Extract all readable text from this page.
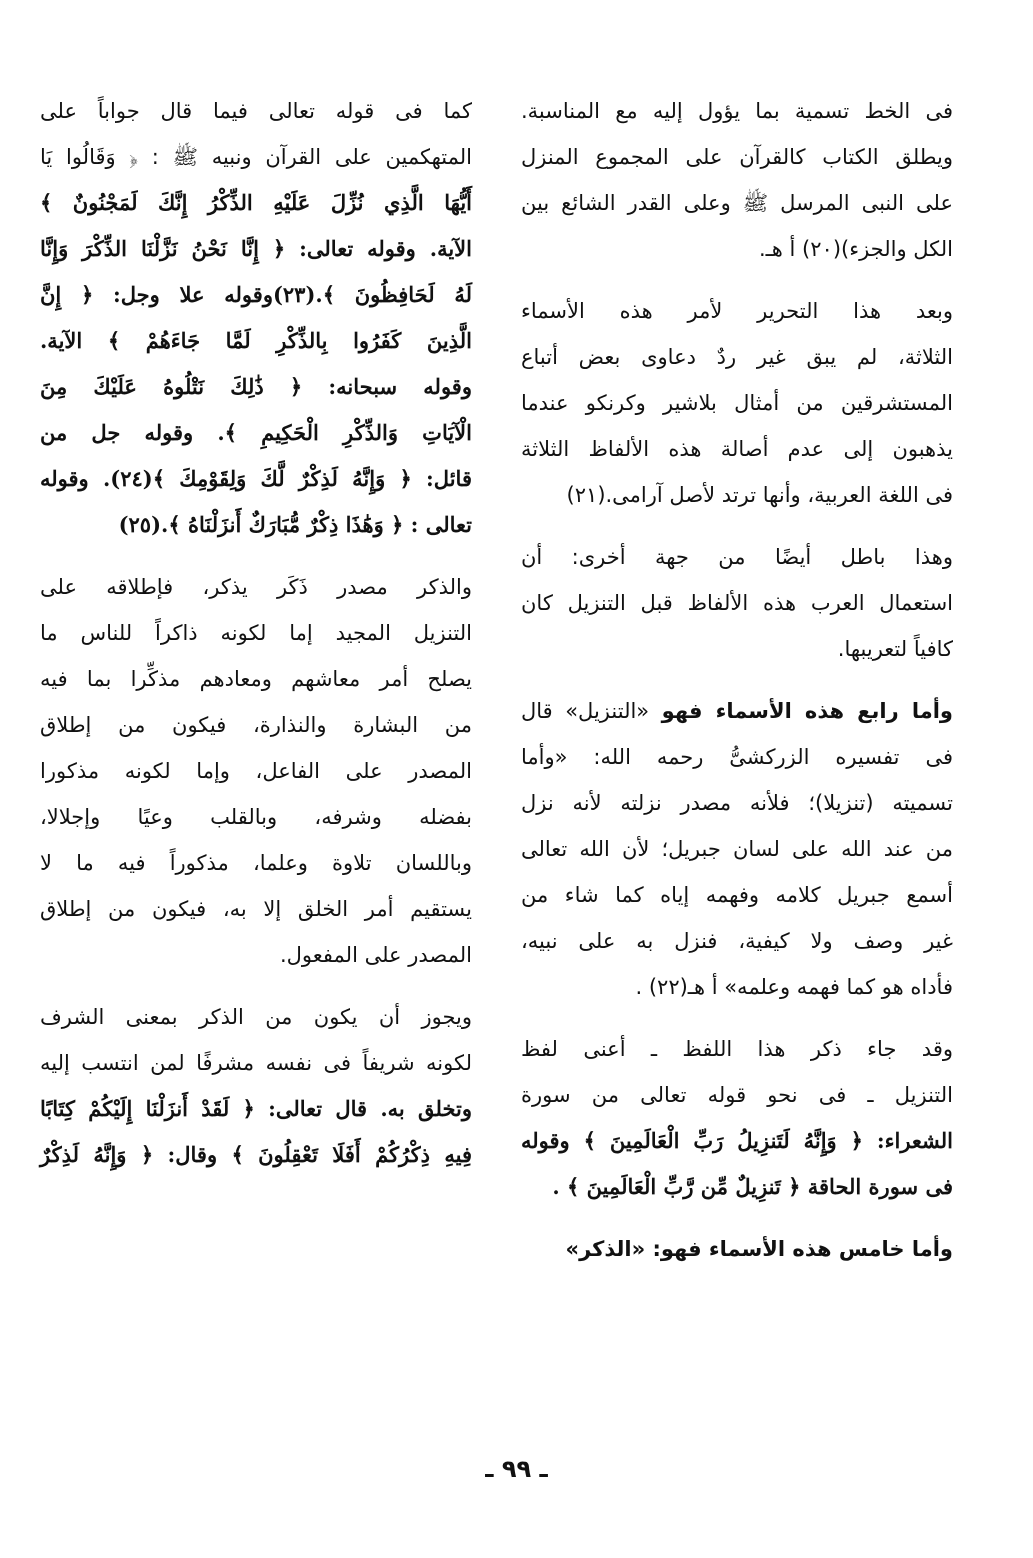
فى الخط تسمية بما يؤول إليه مع المناسبة.
ويطلق الكتاب كالقرآن على المجموع المنزل
على النبى المرسل ﷺ وعلى القدر الشائع بين
الكل والجزء)(٢٠) أ هـ.

وبعد هذا التحرير لأمر هذه الأسماء
الثلاثة، لم يبق غير ردٌ دعاوى بعض أتباع
المستشرقين من أمثال بلاشير وكرنكو عندما
يذهبون إلى عدم أصالة هذه الألفاظ الثلاثة
فى اللغة العربية، وأنها ترتد لأصل آرامى.(٢١)

وهذا باطل أيضًا من جهة أخرى: أن
استعمال العرب هذه الألفاظ قبل التنزيل كان
كافياً لتعريبها.

وأما رابع هذه الأسماء فهو «التنزيل» قال
فى تفسيره الزركشىُّ رحمه الله: «وأما
تسميته (تنزيلا)؛ فلأنه مصدر نزلته لأنه نزل
من عند الله على لسان جبريل؛ لأن الله تعالى
أسمع جبريل كلامه وفهمه إياه كما شاء من
غير وصف ولا كيفية، فنزل به على نبيه،
فأداه هو كما فهمه وعلمه» أ هـ(٢٢) .

وقد جاء ذكر هذا اللفظ ـ أعنى لفظ
التنزيل ـ فى نحو قوله تعالى من سورة
الشعراء: ﴿ وَإِنَّهُ لَتَنزِيلُ رَبِّ الْعَالَمِينَ ﴾ وقوله
فى سورة الحاقة ﴿ تَنزِيلٌ مِّن رَّبِّ الْعَالَمِينَ ﴾ .

وأما خامس هذه الأسماء فهو: «الذكر»

كما فى قوله تعالى فيما قال جواباً على
المتهكمين على القرآن ونبيه ﷺ : ﴿ وَقَالُوا يَا
أَيُّهَا الَّذِي نُزِّلَ عَلَيْهِ الذِّكْرُ إِنَّكَ لَمَجْنُونٌ ﴾
الآية. وقوله تعالى: ﴿ إِنَّا نَحْنُ نَزَّلْنَا الذِّكْرَ وَإِنَّا
لَهُ لَحَافِظُونَ ﴾.(٢٣)وقوله علا وجل: ﴿ إِنَّ
الَّذِينَ كَفَرُوا بِالذِّكْرِ لَمَّا جَاءَهُمْ ﴾ الآية.
وقوله سبحانه: ﴿ ذَٰلِكَ نَتْلُوهُ عَلَيْكَ مِنَ
الْآيَاتِ وَالذِّكْرِ الْحَكِيمِ ﴾. وقوله جل من
قائل: ﴿ وَإِنَّهُ لَذِكْرٌ لَّكَ وَلِقَوْمِكَ ﴾(٢٤). وقوله
تعالى : ﴿ وَهَٰذَا ذِكْرٌ مُّبَارَكٌ أَنزَلْنَاهُ ﴾.(٢٥)

والذكر مصدر ذَكَر يذكر، فإطلاقه على
التنزيل المجيد إما لكونه ذاكراً للناس ما
يصلح أمر معاشهم ومعادهم مذكِّرا بما فيه
من البشارة والنذارة، فيكون من إطلاق
المصدر على الفاعل، وإما لكونه مذكورا
بفضله وشرفه، وبالقلب وعيًا وإجلالا،
وباللسان تلاوة وعلما، مذكوراً فيه ما لا
يستقيم أمر الخلق إلا به، فيكون من إطلاق
المصدر على المفعول.

ويجوز أن يكون من الذكر بمعنى الشرف
لكونه شريفاً فى نفسه مشرفًا لمن انتسب إليه
وتخلق به. قال تعالى: ﴿ لَقَدْ أَنزَلْنَا إِلَيْكُمْ كِتَابًا
فِيهِ ذِكْرُكُمْ أَفَلَا تَعْقِلُونَ ﴾ وقال: ﴿ وَإِنَّهُ لَذِكْرٌ

ـ ٩٩ ـ
